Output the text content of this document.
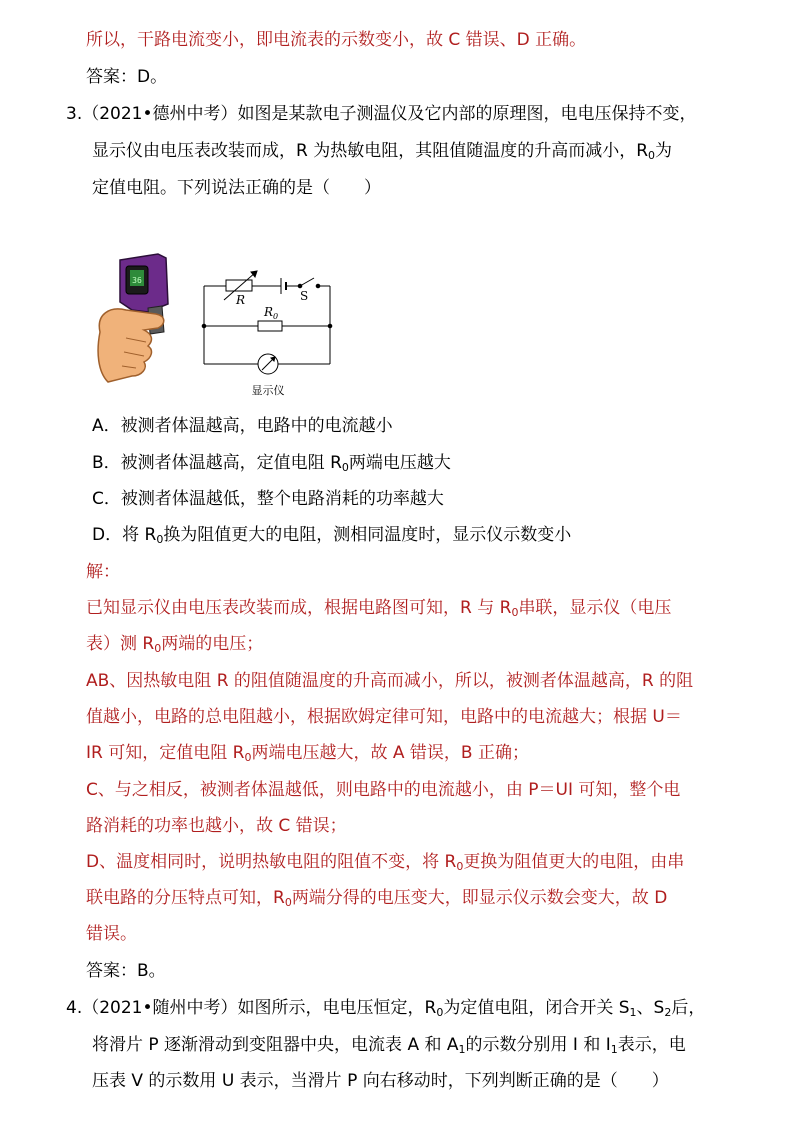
所以，干路电流变小，即电流表的示数变小，故 C 错误、D 正确。
答案：D。
3.（2021•德州中考）如图是某款电子测温仪及它内部的原理图，电电压保持不变，
显示仪由电压表改装而成，R 为热敏电阻，其阻值随温度的升高而减小，$R_0$为
定值电阻。下列说法正确的是（　　）
36
R	S
$R_0$
显示仪
A．被测者体温越高，电路中的电流越小
B．被测者体温越高，定值电阻 $R_0$两端电压越大
C．被测者体温越低，整个电路消耗的功率越大
D．将 $R_0$换为阻值更大的电阻，测相同温度时，显示仪示数变小
解：
已知显示仪由电压表改装而成，根据电路图可知，R 与 $R_0$串联，显示仪（电压
表）测 $R_0$两端的电压；
AB、因热敏电阻 R 的阻值随温度的升高而减小，所以，被测者体温越高，R 的阻
值越小，电路的总电阻越小，根据欧姆定律可知，电路中的电流越大；根据 U＝
IR 可知，定值电阻 $R_0$两端电压越大，故 A 错误，B 正确；
C、与之相反，被测者体温越低，则电路中的电流越小，由 P＝UI 可知，整个电
路消耗的功率也越小，故 C 错误；
D、温度相同时，说明热敏电阻的阻值不变，将 $R_0$更换为阻值更大的电阻，由串
联电路的分压特点可知，$R_0$两端分得的电压变大，即显示仪示数会变大，故 D
错误。
答案：B。
4.（2021•随州中考）如图所示，电电压恒定，$R_0$为定值电阻，闭合开关 $S_1$、$S_2$后，
将滑片 P 逐渐滑动到变阻器中央，电流表 A 和 $A_1$的示数分别用 I 和 $I_1$表示，电
压表 V 的示数用 U 表示，当滑片 P 向右移动时，下列判断正确的是（　　）
